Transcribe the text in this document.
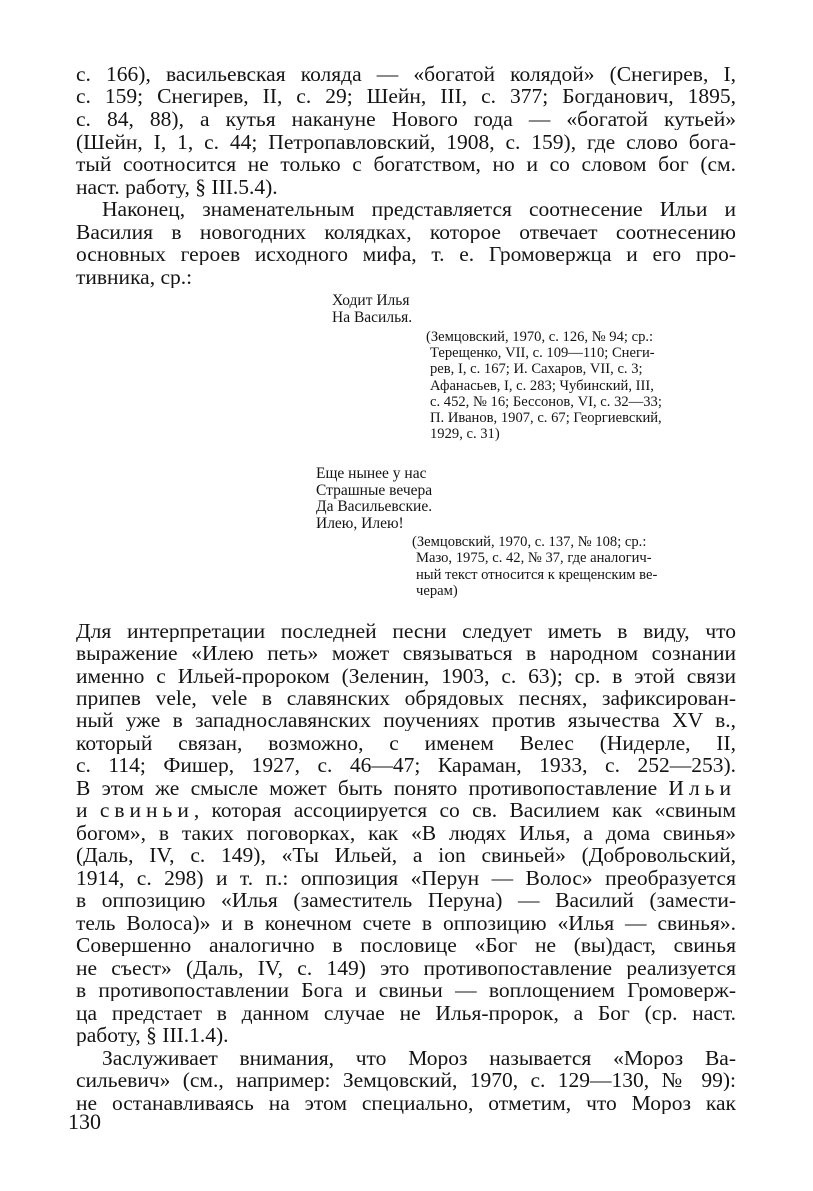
с. 166), васильевская коляда — «богатой колядой» (Снегирев, I,

с. 159; Снегирев, II, с. 29; Шейн, III, с. 377; Богданович, 1895,

с. 84, 88), а кутья накануне Нового года — «богатой кутьей»

(Шейн, I, 1, с. 44; Петропавловский, 1908, с. 159), где слово бога-

тый соотносится не только с богатством, но и со словом бог (см.

наст. работу, § III.5.4).

Наконец, знаменательным представляется соотнесение Ильи и

Василия в новогодних колядках, которое отвечает соотнесению

основных героев исходного мифа, т. е. Громовержца и его про-

тивника, ср.:

Ходит Илья

На Василья.

(Земцовский, 1970, с. 126, № 94; ср.:

Терещенко, VII, с. 109—110; Снеги-

рев, I, с. 167; И. Сахаров, VII, с. 3;

Афанасьев, I, с. 283; Чубинский, III,

с. 452, № 16; Бессонов, VI, с. 32—33;

П. Иванов, 1907, с. 67; Георгиевский,

1929, с. 31)

Еще нынее у нас

Страшные вечера

Да Васильевские.

Илею, Илею!

(Земцовский, 1970, с. 137, № 108; ср.:

Мазо, 1975, с. 42, № 37, где аналогич-

ный текст относится к крещенским ве-

черам)

Для интерпретации последней песни следует иметь в виду, что

выражение «Илею петь» может связываться в народном сознании

именно с Ильей-пророком (Зеленин, 1903, с. 63); ср. в этой связи

припев vele, vele в славянских обрядовых песнях, зафиксирован-

ный уже в западнославянских поучениях против язычества XV в.,

который связан, возможно, с именем Велес (Нидерле, II,

с. 114; Фишер, 1927, с. 46—47; Караман, 1933, с. 252—253).

В этом же смысле может быть понято противопоставление Ильи

и свиньи, которая ассоциируется со св. Василием как «свиным

богом», в таких поговорках, как «В людях Илья, а дома свинья»

(Даль, IV, с. 149), «Ты Ильей, а ion свиньей» (Добровольский,

1914, с. 298) и т. п.: оппозиция «Перун — Волос» преобразуется

в оппозицию «Илья (заместитель Перуна) — Василий (замести-

тель Волоса)» и в конечном счете в оппозицию «Илья — свинья».

Совершенно аналогично в пословице «Бог не (вы)даст, свинья

не съест» (Даль, IV, с. 149) это противопоставление реализуется

в противопоставлении Бога и свиньи — воплощением Громоверж-

ца предстает в данном случае не Илья-пророк, а Бог (ср. наст.

работу, § III.1.4).

Заслуживает внимания, что Мороз называется «Мороз Ва-

сильевич» (см., например: Земцовский, 1970, с. 129—130, № 99):

не останавливаясь на этом специально, отметим, что Мороз как

130
